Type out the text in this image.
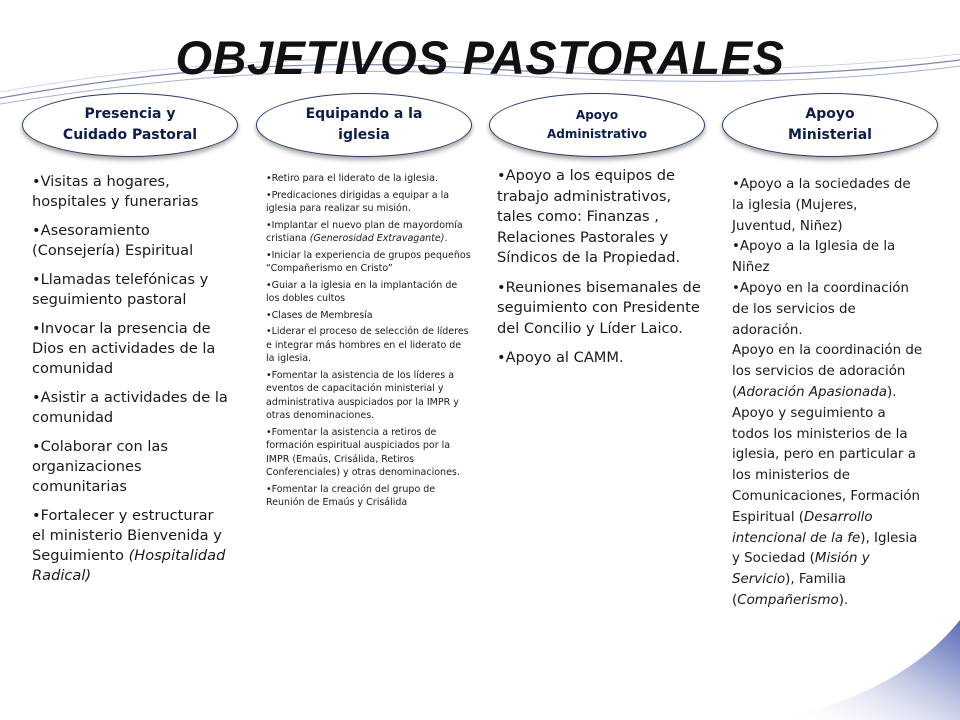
OBJETIVOS PASTORALES
Presencia y
Cuidado Pastoral
Equipando a la
iglesia
Apoyo
Administrativo
Apoyo
Ministerial
•Visitas a hogares, hospitales y funerarias
•Asesoramiento (Consejería) Espiritual
•Llamadas telefónicas y seguimiento pastoral
•Invocar la presencia de Dios en actividades de la comunidad
•Asistir a actividades de la comunidad
•Colaborar con las organizaciones comunitarias
•Fortalecer y estructurar el ministerio Bienvenida y Seguimiento (Hospitalidad Radical)
•Retiro para el liderato de la iglesia.
•Predicaciones dirigidas a equipar a la iglesia para realizar su misión.
•Implantar el nuevo plan de mayordomía cristiana (Generosidad Extravagante).
•Iniciar la experiencia de grupos pequeños “Compañerismo en Cristo”
•Guiar a la iglesia en la implantación de los dobles cultos
•Clases de Membresía
•Liderar el proceso de selección de líderes e integrar más hombres en el liderato de la iglesia.
•Fomentar la asistencia de los líderes a eventos de capacitación ministerial y administrativa auspiciados por la IMPR y otras denominaciones.
•Fomentar la asistencia a retiros de formación espiritual auspiciados por la IMPR (Emaús, Crisálida, Retiros Conferenciales) y otras denominaciones.
•Fomentar la creación del grupo de Reunión de Emaús y Crisálida
•Apoyo a los equipos de trabajo administrativos, tales como: Finanzas , Relaciones Pastorales y Síndicos de la Propiedad.
•Reuniones bisemanales de seguimiento con Presidente del Concilio y Líder Laico.
•Apoyo al CAMM.
•Apoyo a la sociedades de la iglesia (Mujeres, Juventud, Niñez)
•Apoyo a la Iglesia de la Niñez
•Apoyo en la coordinación de los servicios de adoración.
Apoyo en la coordinación de los servicios de adoración (Adoración Apasionada).
Apoyo y seguimiento a todos los ministerios de la iglesia, pero en particular a los ministerios de Comunicaciones, Formación Espiritual (Desarrollo intencional de la fe), Iglesia y Sociedad (Misión y Servicio), Familia (Compañerismo).
